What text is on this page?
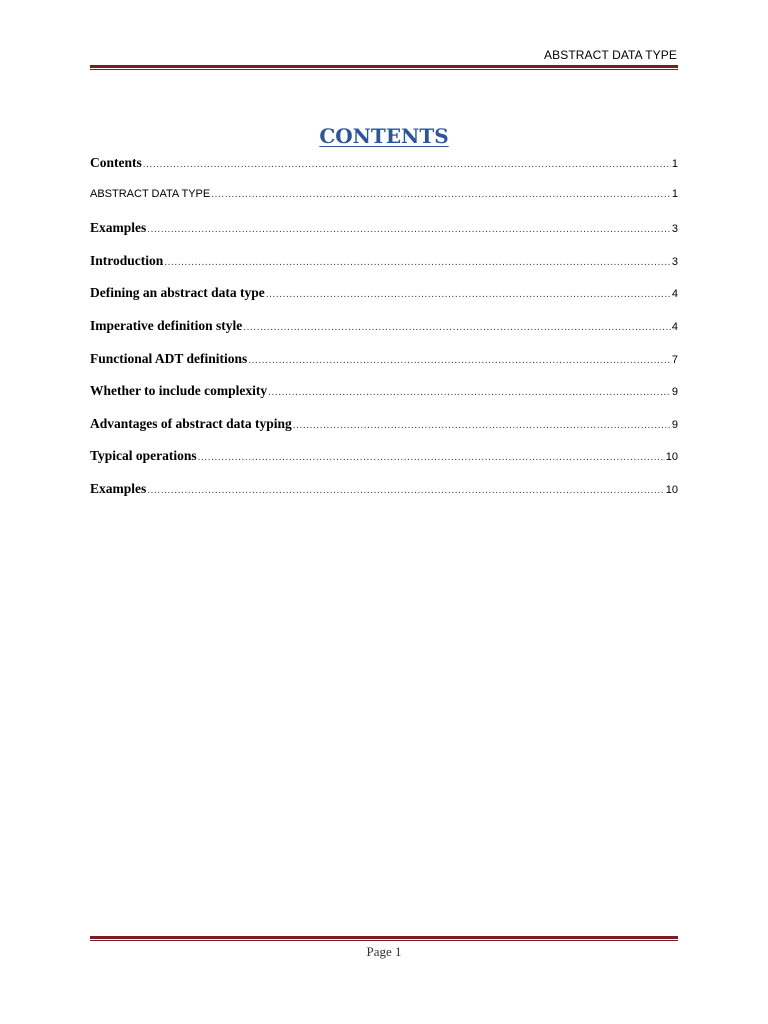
ABSTRACT DATA TYPE
CONTENTS
Contents .....	1
ABSTRACT DATA TYPE .....	1
Examples .....	3
Introduction .....	3
Defining an abstract data type .....	4
Imperative definition style .....	4
Functional ADT definitions .....	7
Whether to include complexity .....	9
Advantages of abstract data typing .....	9
Typical operations .....	10
Examples .....	10
Page 1
